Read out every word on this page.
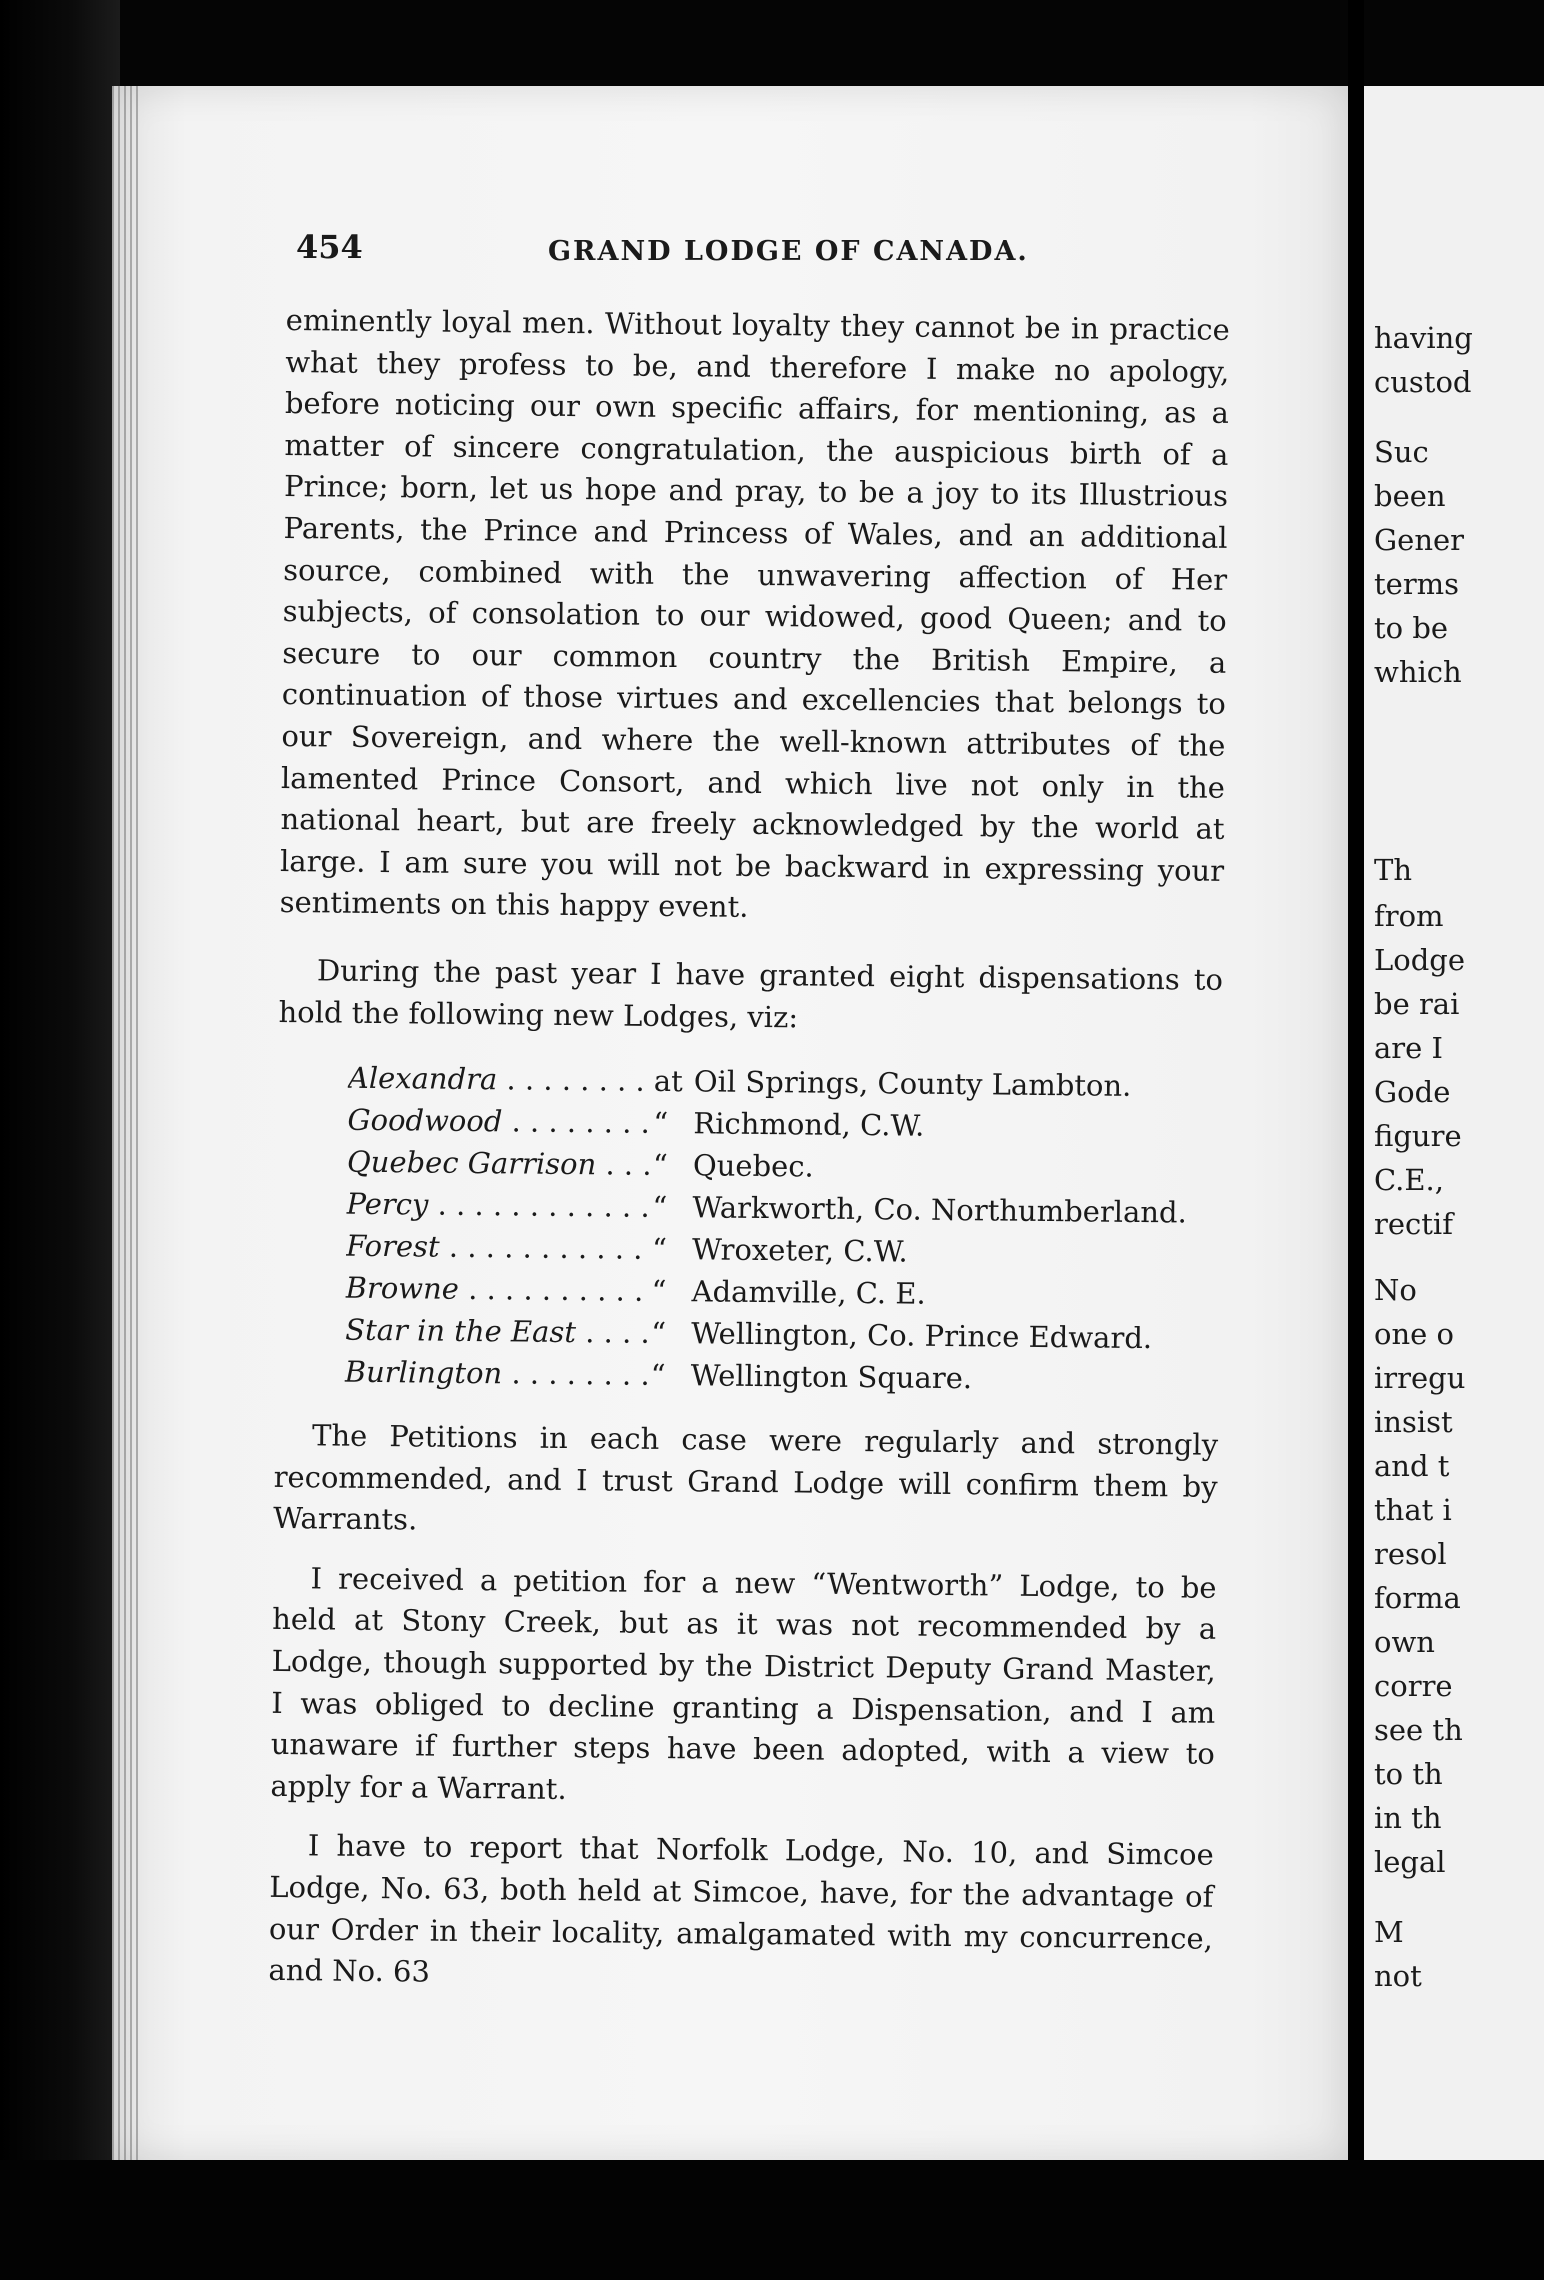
454	GRAND LODGE OF CANADA.

eminently loyal men. Without loyalty they cannot be in practice what they profess to be, and therefore I make no apology, before noticing our own specific affairs, for mentioning, as a matter of sincere congratulation, the auspicious birth of a Prince; born, let us hope and pray, to be a joy to its Illustrious Parents, the Prince and Princess of Wales, and an additional source, combined with the unwavering affection of Her subjects, of consolation to our widowed, good Queen; and to secure to our common country the British Empire, a continuation of those virtues and excellencies that belongs to our Sovereign, and where the well-known attributes of the lamented Prince Consort, and which live not only in the national heart, but are freely acknowledged by the world at large. I am sure you will not be backward in expressing your sentiments on this happy event.

During the past year I have granted eight dispensations to hold the following new Lodges, viz:

Alexandra . . .	at Oil Springs, County Lambton.
Goodwood . . .	“ Richmond, C.W.
Quebec Garrison . . .	“ Quebec.
Percy . . .	“ Warkworth, Co. Northumberland.
Forest . . .	“ Wroxeter, C.W.
Browne . . .	“ Adamville, C. E.
Star in the East . . .	“ Wellington, Co. Prince Edward.
Burlington . . .	“ Wellington Square.

The Petitions in each case were regularly and strongly recommended, and I trust Grand Lodge will confirm them by Warrants.

I received a petition for a new “Wentworth” Lodge, to be held at Stony Creek, but as it was not recommended by a Lodge, though supported by the District Deputy Grand Master, I was obliged to decline granting a Dispensation, and I am unaware if further steps have been adopted, with a view to apply for a Warrant.

I have to report that Norfolk Lodge, No. 10, and Simcoe Lodge, No. 63, both held at Simcoe, have, for the advantage of our Order in their locality, amalgamated with my concurrence, and No. 63

having
custod
Suc
been
Gener
terms
to be
which
Th
from
Lodge
be rai
are I
Gode
figure
C.E.,
rectif
No
one o
irregu
insist
and t
that i
resol
forma
own
corre
see th
to th
in th
legal
M
not
